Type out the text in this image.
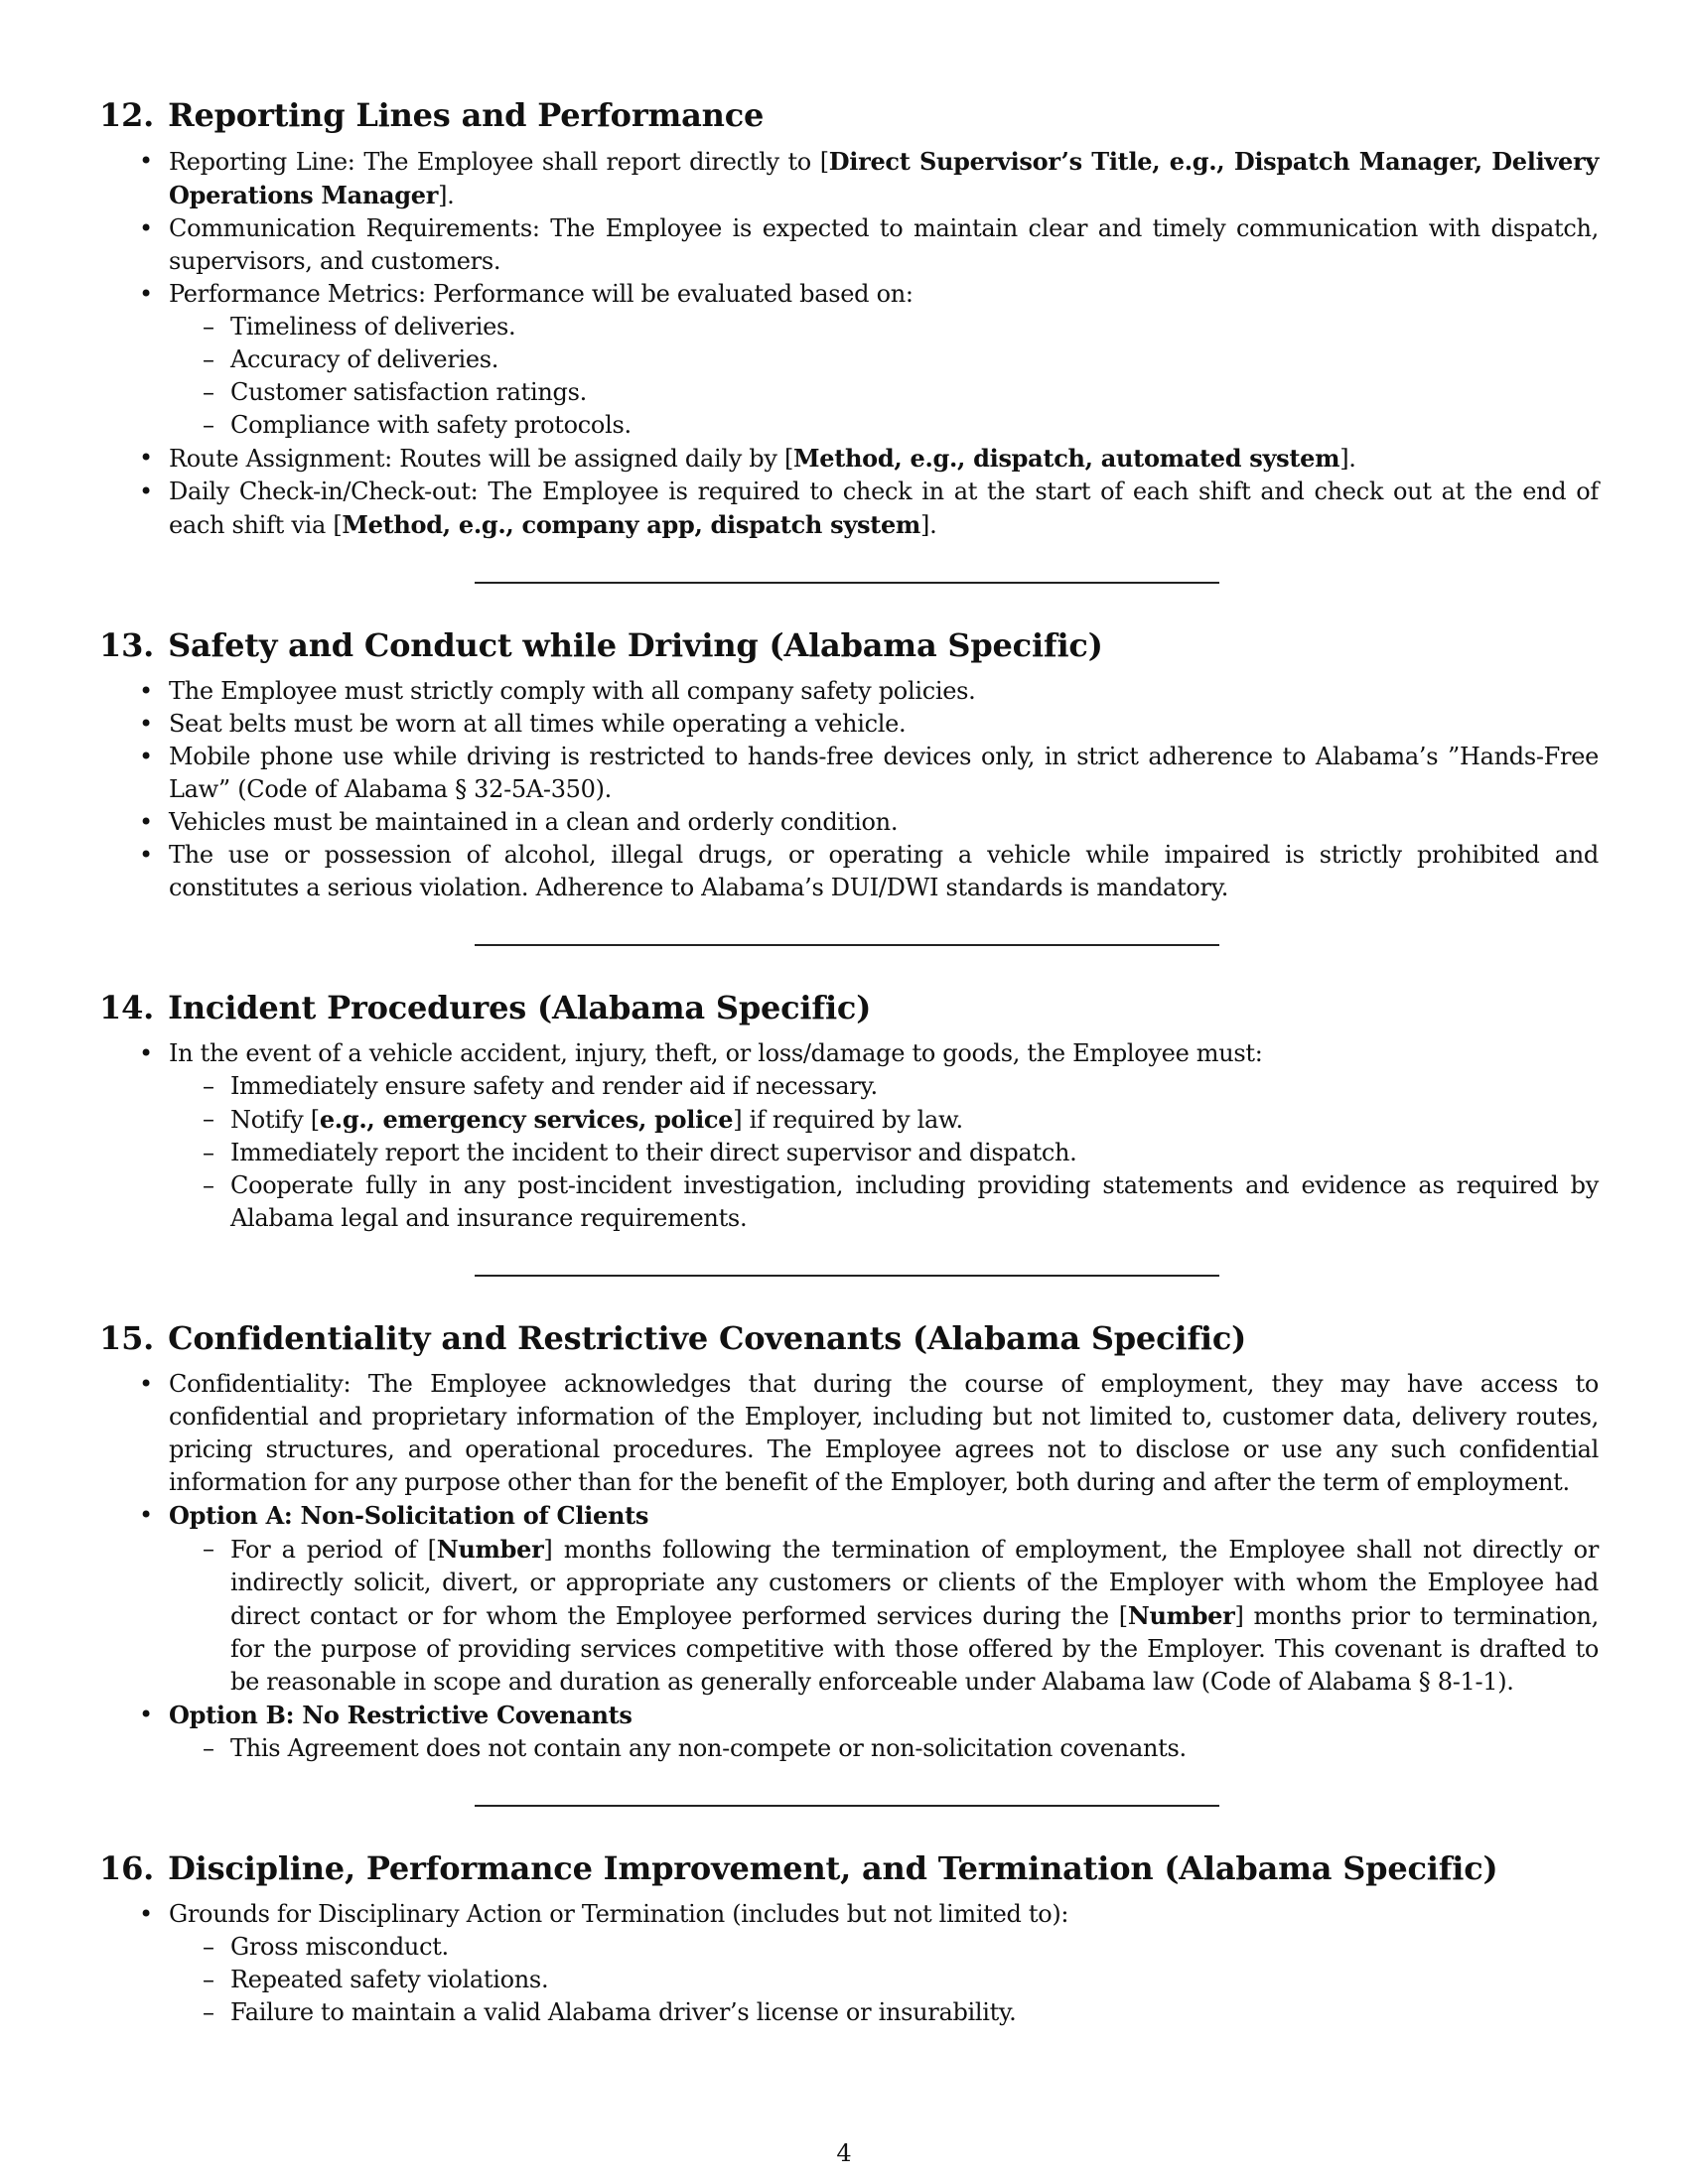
12. Reporting Lines and Performance
• Reporting Line: The Employee shall report directly to [Direct Supervisor’s Title, e.g., Dispatch Manager, Delivery Operations Manager].
• Communication Requirements: The Employee is expected to maintain clear and timely communication with dispatch, supervisors, and customers.
• Performance Metrics: Performance will be evaluated based on:
– Timeliness of deliveries.
– Accuracy of deliveries.
– Customer satisfaction ratings.
– Compliance with safety protocols.
• Route Assignment: Routes will be assigned daily by [Method, e.g., dispatch, automated system].
• Daily Check-in/Check-out: The Employee is required to check in at the start of each shift and check out at the end of each shift via [Method, e.g., company app, dispatch system].
13. Safety and Conduct while Driving (Alabama Specific)
• The Employee must strictly comply with all company safety policies.
• Seat belts must be worn at all times while operating a vehicle.
• Mobile phone use while driving is restricted to hands-free devices only, in strict adherence to Alabama’s ”Hands-Free Law” (Code of Alabama § 32-5A-350).
• Vehicles must be maintained in a clean and orderly condition.
• The use or possession of alcohol, illegal drugs, or operating a vehicle while impaired is strictly prohibited and constitutes a serious violation. Adherence to Alabama’s DUI/DWI standards is mandatory.
14. Incident Procedures (Alabama Specific)
• In the event of a vehicle accident, injury, theft, or loss/damage to goods, the Employee must:
– Immediately ensure safety and render aid if necessary.
– Notify [e.g., emergency services, police] if required by law.
– Immediately report the incident to their direct supervisor and dispatch.
– Cooperate fully in any post-incident investigation, including providing statements and evidence as required by Alabama legal and insurance requirements.
15. Confidentiality and Restrictive Covenants (Alabama Specific)
• Confidentiality: The Employee acknowledges that during the course of employment, they may have access to confidential and proprietary information of the Employer, including but not limited to, customer data, delivery routes, pricing structures, and operational procedures. The Employee agrees not to disclose or use any such confidential information for any purpose other than for the benefit of the Employer, both during and after the term of employment.
• Option A: Non-Solicitation of Clients
– For a period of [Number] months following the termination of employment, the Employee shall not directly or indirectly solicit, divert, or appropriate any customers or clients of the Employer with whom the Employee had direct contact or for whom the Employee performed services during the [Number] months prior to termination, for the purpose of providing services competitive with those offered by the Employer. This covenant is drafted to be reasonable in scope and duration as generally enforceable under Alabama law (Code of Alabama § 8-1-1).
• Option B: No Restrictive Covenants
– This Agreement does not contain any non-compete or non-solicitation covenants.
16. Discipline, Performance Improvement, and Termination (Alabama Specific)
• Grounds for Disciplinary Action or Termination (includes but not limited to):
– Gross misconduct.
– Repeated safety violations.
– Failure to maintain a valid Alabama driver’s license or insurability.
4
